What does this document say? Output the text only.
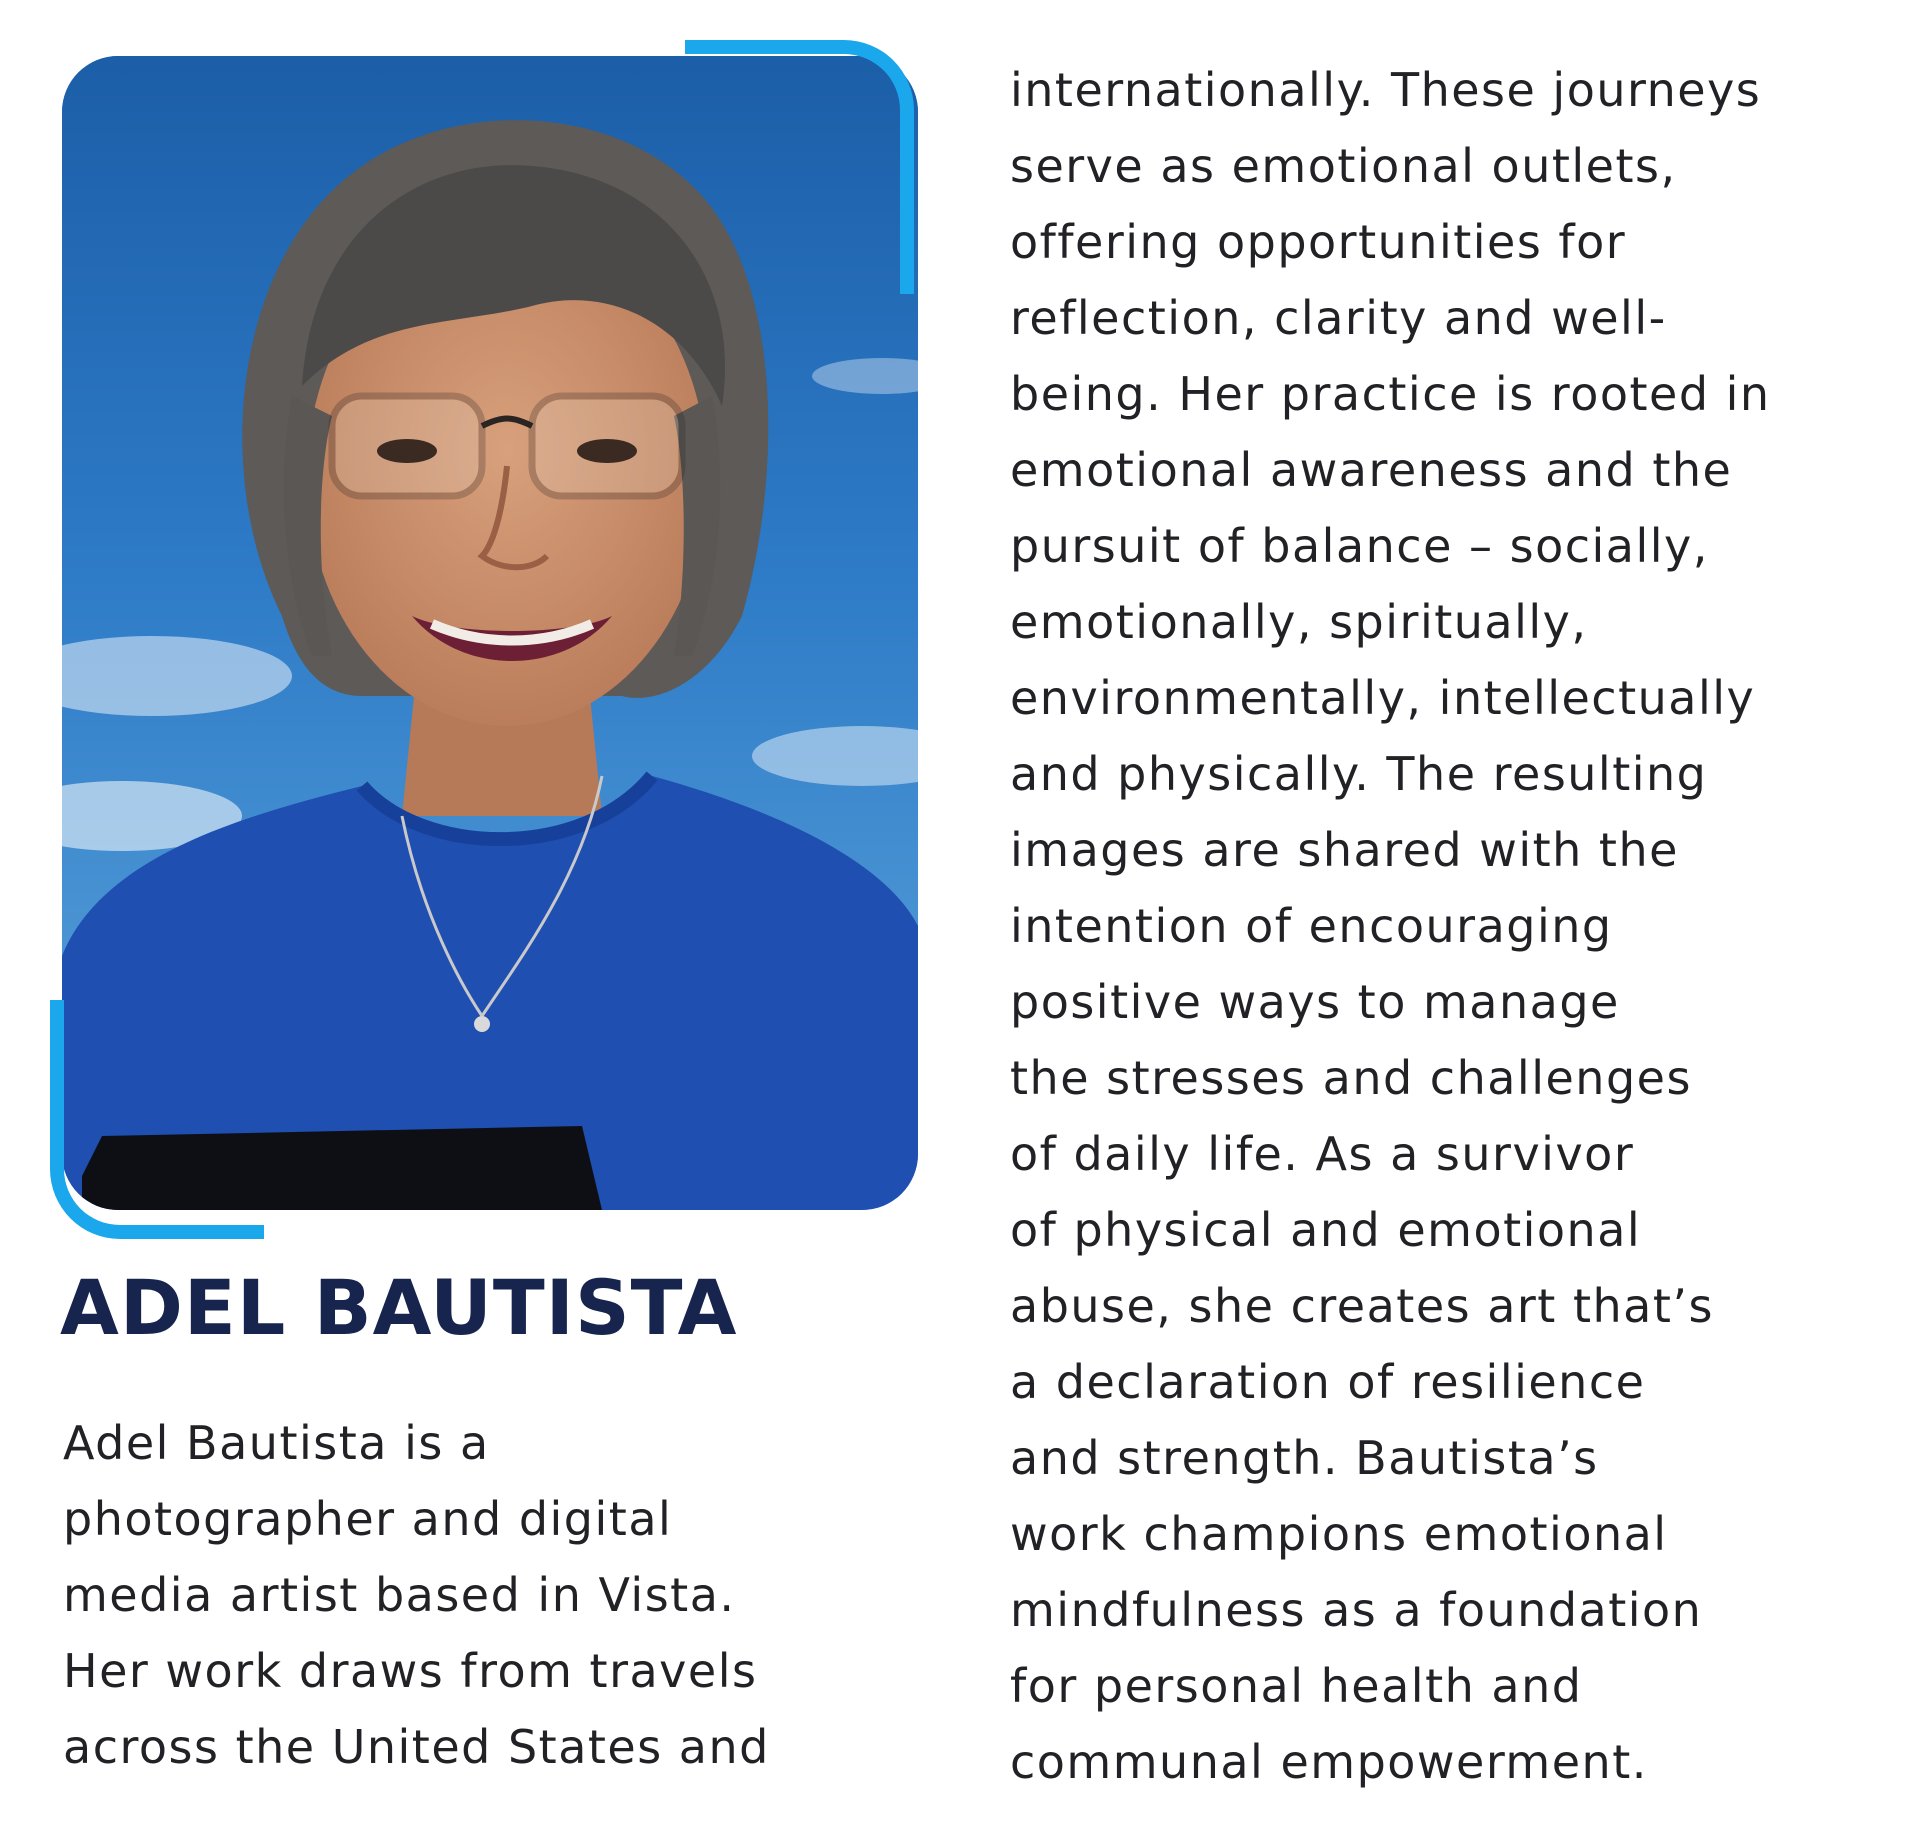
ADEL BAUTISTA
Adel Bautista is a
photographer and digital
media artist based in Vista.
Her work draws from travels
across the United States and
internationally. These journeys
serve as emotional outlets,
offering opportunities for
reflection, clarity and well-
being. Her practice is rooted in
emotional awareness and the
pursuit of balance – socially,
emotionally, spiritually,
environmentally, intellectually
and physically. The resulting
images are shared with the
intention of encouraging
positive ways to manage
the stresses and challenges
of daily life. As a survivor
of physical and emotional
abuse, she creates art that’s
a declaration of resilience
and strength. Bautista’s
work champions emotional
mindfulness as a foundation
for personal health and
communal empowerment.
